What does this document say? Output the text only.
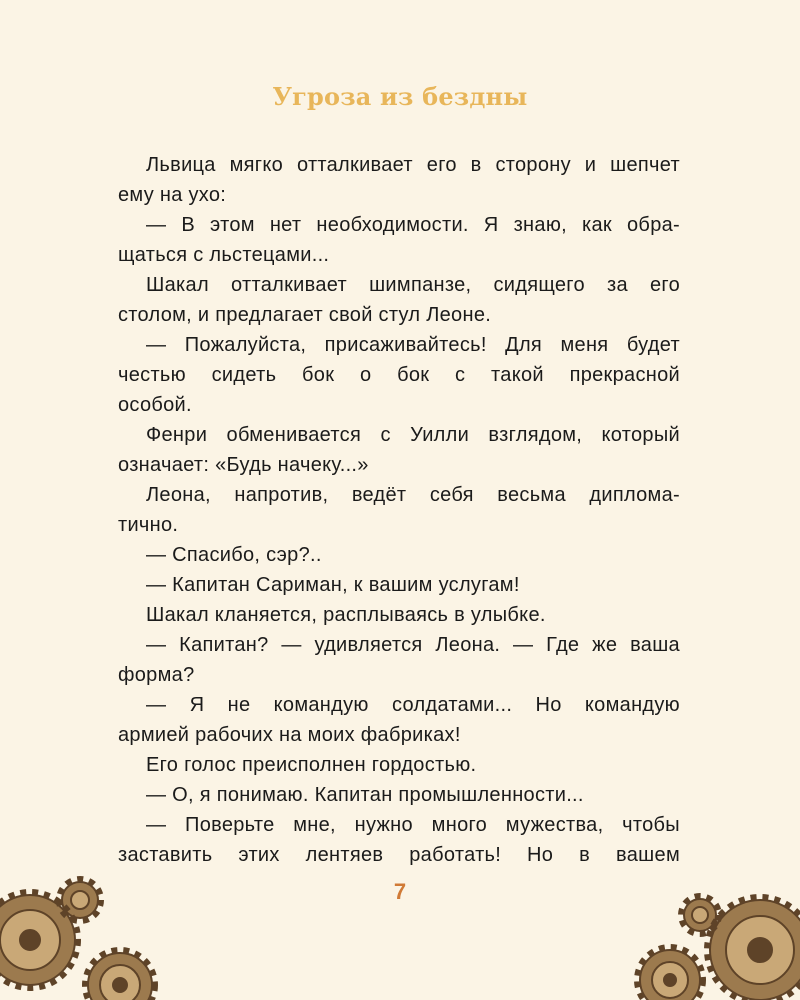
Угроза из бездны
Львица мягко отталкивает его в сторону и шепчет
ему на ухо:
— В этом нет необходимости. Я знаю, как обра-
щаться с льстецами...
Шакал отталкивает шимпанзе, сидящего за его
столом, и предлагает свой стул Леоне.
— Пожалуйста, присаживайтесь! Для меня будет
честью сидеть бок о бок с такой прекрасной
особой.
Фенри обменивается с Уилли взглядом, который
означает: «Будь начеку...»
Леона, напротив, ведёт себя весьма диплома-
тично.
— Спасибо, сэр?..
— Капитан Сариман, к вашим услугам!
Шакал кланяется, расплываясь в улыбке.
— Капитан? — удивляется Леона. — Где же ваша
форма?
— Я не командую солдатами... Но командую
армией рабочих на моих фабриках!
Его голос преисполнен гордостью.
— О, я понимаю. Капитан промышленности...
— Поверьте мне, нужно много мужества, чтобы
заставить этих лентяев работать! Но в вашем
7
